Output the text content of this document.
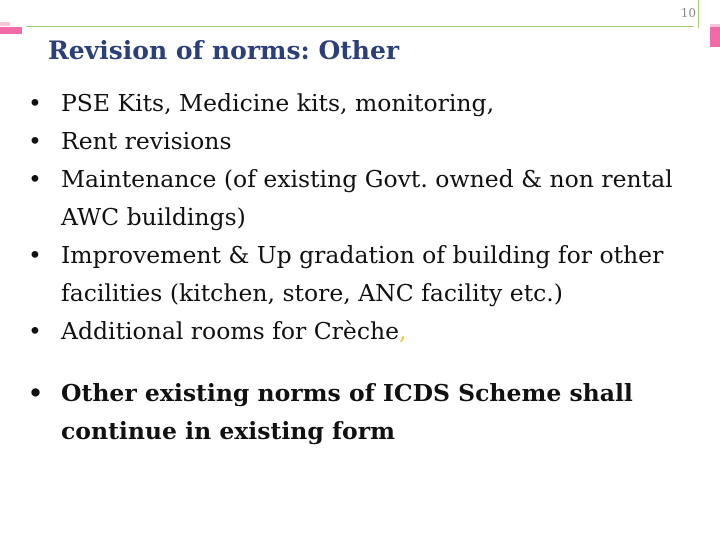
10
Revision of norms: Other
• PSE Kits, Medicine kits, monitoring,
• Rent revisions
• Maintenance (of existing Govt. owned & non rental AWC buildings)
• Improvement & Up gradation of building for other facilities (kitchen, store, ANC facility etc.)
• Additional rooms for Crèche,
• Other existing norms of ICDS Scheme shall continue in existing form
